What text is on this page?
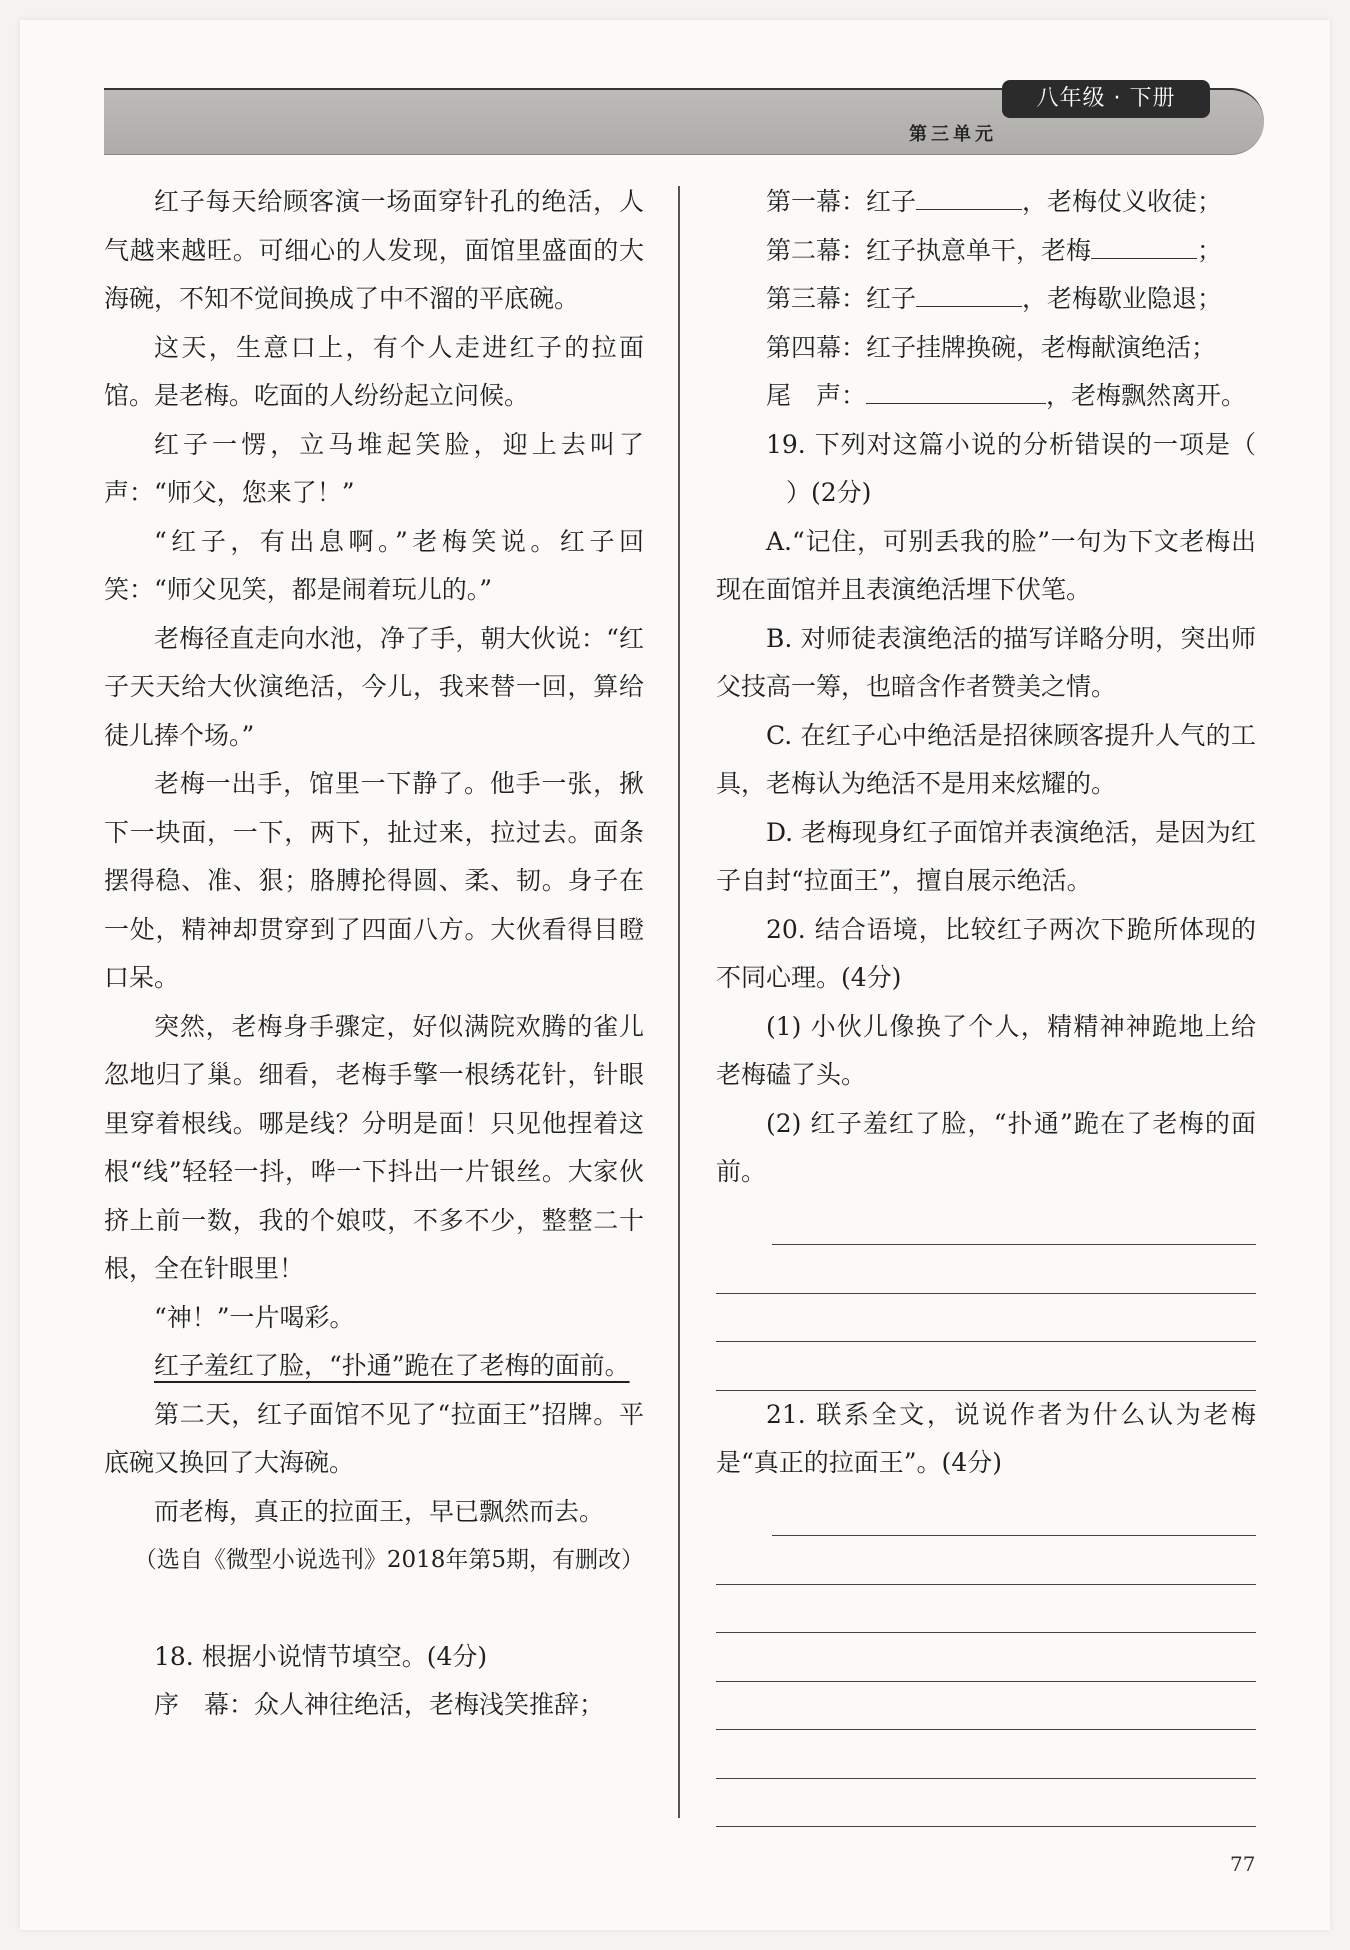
八年级 · 下册
第三单元

红子每天给顾客演一场面穿针孔的绝活，人气越来越旺。可细心的人发现，面馆里盛面的大海碗，不知不觉间换成了中不溜的平底碗。

这天，生意口上，有个人走进红子的拉面馆。是老梅。吃面的人纷纷起立问候。

红子一愣，立马堆起笑脸，迎上去叫了声：“师父，您来了！”

“红子，有出息啊。”老梅笑说。红子回笑：“师父见笑，都是闹着玩儿的。”

老梅径直走向水池，净了手，朝大伙说：“红子天天给大伙演绝活，今儿，我来替一回，算给徒儿捧个场。”

老梅一出手，馆里一下静了。他手一张，揪下一块面，一下，两下，扯过来，拉过去。面条摆得稳、准、狠；胳膊抡得圆、柔、韧。身子在一处，精神却贯穿到了四面八方。大伙看得目瞪口呆。

突然，老梅身手骤定，好似满院欢腾的雀儿忽地归了巢。细看，老梅手擎一根绣花针，针眼里穿着根线。哪是线？分明是面！只见他捏着这根“线”轻轻一抖，哗一下抖出一片银丝。大家伙挤上前一数，我的个娘哎，不多不少，整整二十根，全在针眼里！

“神！”一片喝彩。

红子羞红了脸，“扑通”跪在了老梅的面前。

第二天，红子面馆不见了“拉面王”招牌。平底碗又换回了大海碗。

而老梅，真正的拉面王，早已飘然而去。

（选自《微型小说选刊》2018年第5期，有删改）

18. 根据小说情节填空。(4分)

序　幕：众人神往绝活，老梅浅笑推辞；

第一幕：红子	，老梅仗义收徒；

第二幕：红子执意单干，老梅	；

第三幕：红子	，老梅歇业隐退；

第四幕：红子挂牌换碗，老梅献演绝活；

尾　声：	，老梅飘然离开。

19. 下列对这篇小说的分析错误的一项是（）(2分)

A.“记住，可别丢我的脸”一句为下文老梅出现在面馆并且表演绝活埋下伏笔。

B. 对师徒表演绝活的描写详略分明，突出师父技高一筹，也暗含作者赞美之情。

C. 在红子心中绝活是招徕顾客提升人气的工具，老梅认为绝活不是用来炫耀的。

D. 老梅现身红子面馆并表演绝活，是因为红子自封“拉面王”，擅自展示绝活。

20. 结合语境，比较红子两次下跪所体现的不同心理。(4分)

(1) 小伙儿像换了个人，精精神神跪地上给老梅磕了头。

(2) 红子羞红了脸，“扑通”跪在了老梅的面前。

21. 联系全文，说说作者为什么认为老梅是“真正的拉面王”。(4分)

77
